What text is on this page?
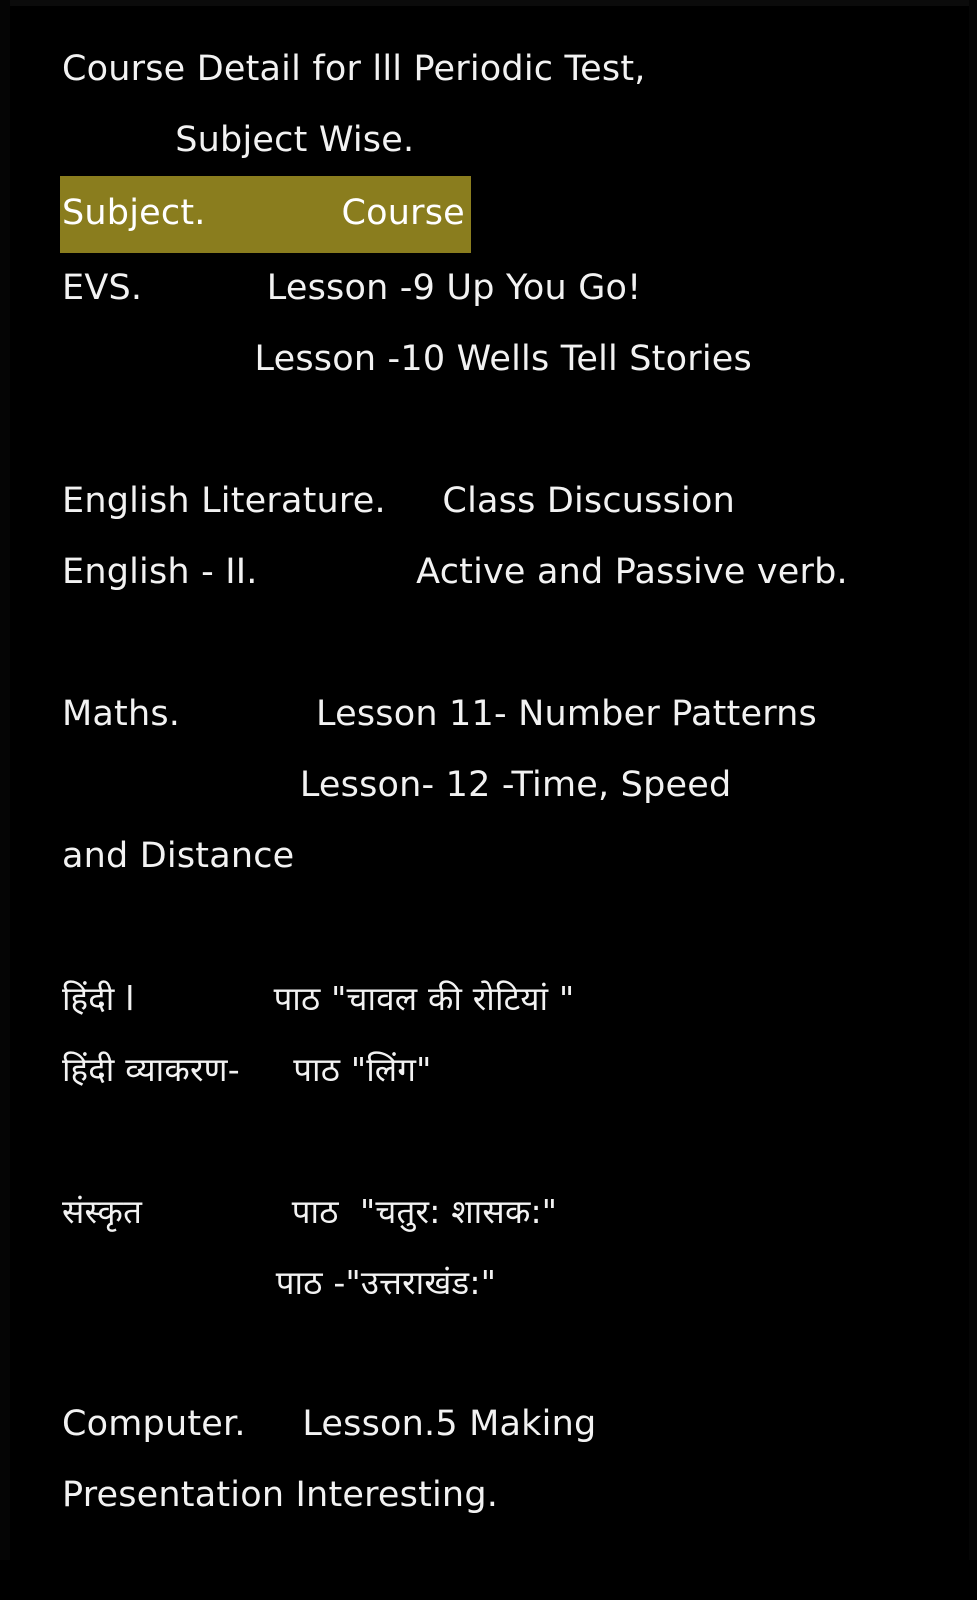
Course Detail for lll Periodic Test,
Subject Wise.
Subject.            Course
EVS.           Lesson -9 Up You Go!
Lesson -10 Wells Tell Stories

English Literature.     Class Discussion
English - II.              Active and Passive verb.

Maths.            Lesson 11- Number Patterns
Lesson- 12 -Time, Speed
and Distance

हिंदी l             पाठ "चावल की रोटियां "
हिंदी व्याकरण-     पाठ "लिंग"

संस्कृत              पाठ  "चतुर: शासक:"
पाठ -"उत्तराखंड:"

Computer.     Lesson.5 Making
Presentation Interesting.
